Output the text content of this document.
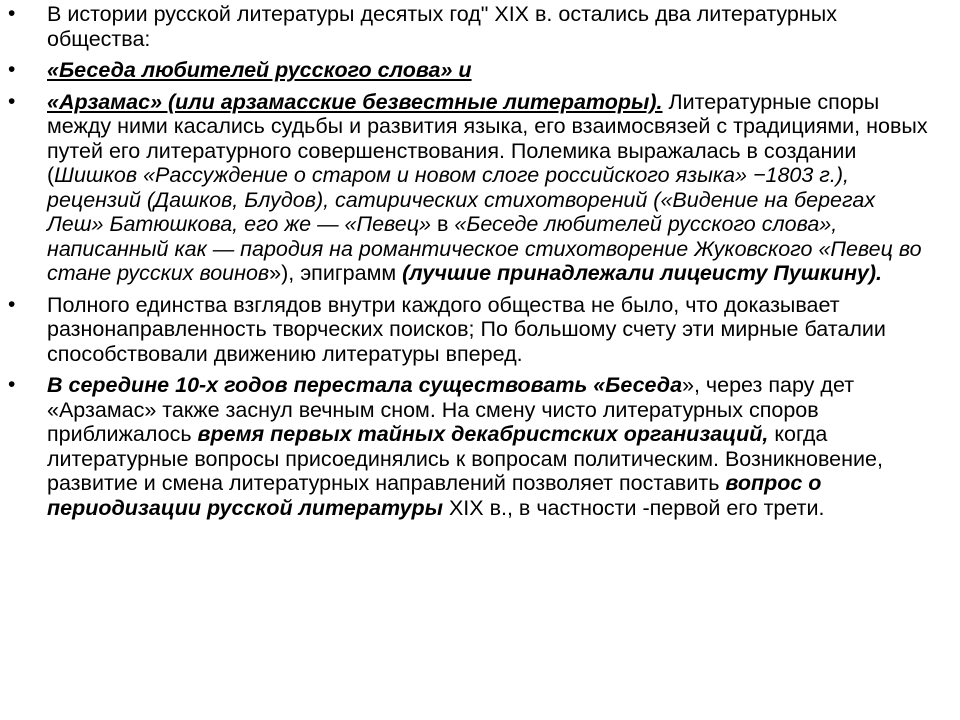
• В истории русской литературы десятых год" XIX в. остались два литературных общества:
• «Беседа любителей русского слова» и
• «Арзамас» (или арзамасские безвестные литераторы). Литературные споры между ними касались судьбы и развития языка, его взаимосвязей с традициями, новых путей его литературного совершенствования. Полемика выражалась в создании (Шишков «Рассуждение о старом и новом слоге российского языка» −1803 г.), рецензий (Дашков, Блудов), сатирических стихотворений («Видение на берегах Леш» Батюшкова, его же — «Певец» в «Беседе любителей русского слова», написанный как — пародия на романтическое стихотворение Жуковского «Певец во стане русских воинов»), эпиграмм (лучшие принадлежали лицеисту Пушкину).
• Полного единства взглядов внутри каждого общества не было, что доказывает разнонаправленность творческих поисков; По большому счету эти мирные баталии способствовали движению литературы вперед.
• В середине 10-х годов перестала существовать «Беседа», через пару дет «Арзамас» также заснул вечным сном. На смену чисто литературных споров приближалось время первых тайных декабристских организаций, когда литературные вопросы присоединялись к вопросам политическим. Возникновение, развитие и смена литературных направлений позволяет поставить вопрос о периодизации русской литературы XIX в., в частности -первой его трети.
